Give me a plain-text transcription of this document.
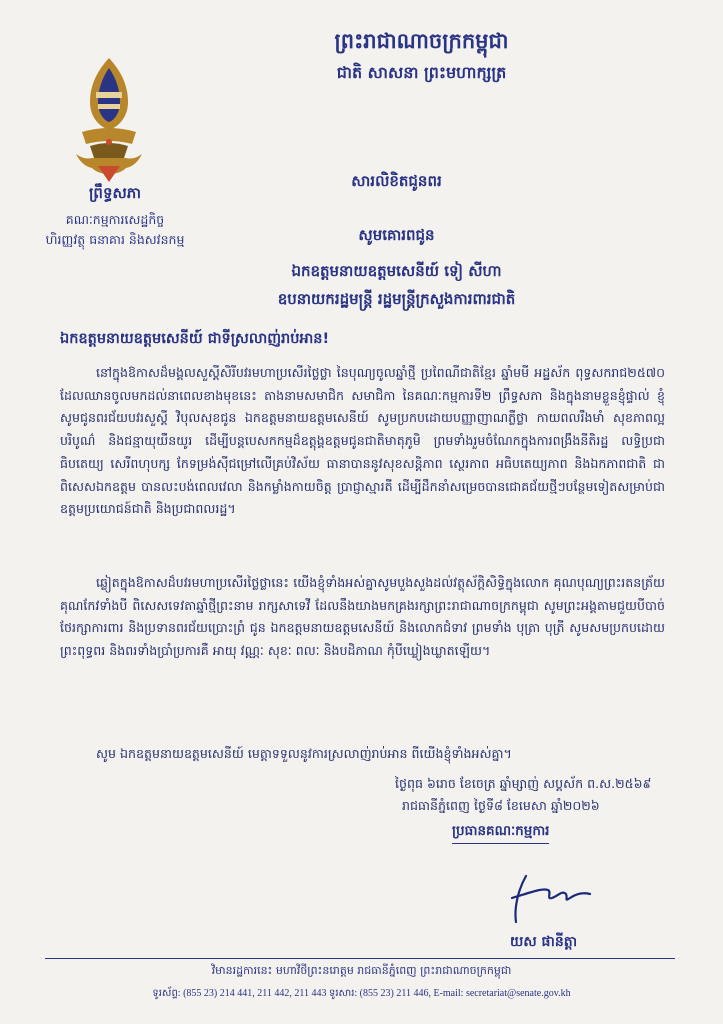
ព្រះរាជាណាចក្រកម្ពុជា
ជាតិ សាសនា ព្រះមហាក្សត្រ
ព្រឹទ្ធសភា
គណៈកម្មការសេដ្ឋកិច្ច
ហិរញ្ញវត្ថុ ធនាគារ និងសវនកម្ម
សារលិខិតជូនពរ
សូមគោរពជូន
ឯកឧត្តមនាយឧត្តមសេនីយ៍ ទៀ សីហា
ឧបនាយករដ្ឋមន្ត្រី រដ្ឋមន្ត្រីក្រសួងការពារជាតិ
ឯកឧត្តមនាយឧត្តមសេនីយ៍ ជាទីស្រលាញ់រាប់អាន!
នៅក្នុងឱកាសដ៏មង្គលសួស្តីសិរីបវរមហាប្រសើរថ្លៃថ្លា នៃបុណ្យចូលឆ្នាំថ្មី ប្រពៃណីជាតិខ្មែរ ឆ្នាំមមី អដ្ឋស័ក ពុទ្ធសករាជ២៥៧០ ដែលឈានចូលមកដល់នាពេលខាងមុខនេះ តាងនាមសមាជិក សមាជិកា នៃគណៈកម្មការទី២ ព្រឹទ្ធសភា និងក្នុងនាមខ្លួនខ្ញុំផ្ទាល់ ខ្ញុំសូមជូនពរជ័យបវរសួស្តី វិបុលសុខជូន ឯកឧត្តមនាយឧត្តមសេនីយ៍ សូមប្រកបដោយបញ្ញាញាណភ្លឺថ្លា កាយពលរឹងមាំ សុខភាពល្អបរិបូណ៌ និងជន្មាយុយឺនយូរ ដើម្បីបន្តបេសកកម្មដ៏ឧត្តុង្គឧត្តមជូនជាតិមាតុភូមិ ព្រមទាំងរួមចំណែកក្នុងការពង្រឹងនីតិរដ្ឋ លទ្ធិប្រជាធិបតេយ្យ សេរីពហុបក្ស កែទម្រង់ស៊ីជម្រៅលើគ្រប់វិស័យ ធានាបាននូវសុខសន្តិភាព ស្ថេរភាព អធិបតេយ្យភាព និងឯកភាពជាតិ ជាពិសេសឯកឧត្តម បានលះបង់ពេលវេលា និងកម្លាំងកាយចិត្ត ប្រាជ្ញាស្មារតី ដើម្បីដឹកនាំសម្រេចបានជោគជ័យថ្មីៗបន្ថែមទៀតសម្រាប់ជាឧត្តមប្រយោជន៍ជាតិ និងប្រជាពលរដ្ឋ។
ឆ្លៀតក្នុងឱកាសដ៏បវរមហាប្រសើរថ្លៃថ្លានេះ យើងខ្ញុំទាំងអស់គ្នាសូមបួងសួងដល់វត្ថុស័ក្តិសិទ្ធិក្នុងលោក គុណបុណ្យព្រះរតនត្រ័យ គុណកែវទាំងបី ពិសេសទេវតាឆ្នាំថ្មីព្រះនាម រាក្សសាទេវី ដែលនឹងយាងមកគ្រងរក្សាព្រះរាជាណាចក្រកម្ពុជា សូមព្រះអង្គតាមជួយបីបាច់ថែរក្សាការពារ និងប្រទានពរជ័យប្រោះព្រំ ជូន ឯកឧត្តមនាយឧត្តមសេនីយ៍ និងលោកជំទាវ ព្រមទាំង បុត្រា បុត្រី សូមសមប្រកបដោយព្រះពុទ្ធពរ និងពរទាំងប្រាំប្រការគឺ អាយុ វណ្ណៈ សុខៈ ពលៈ និងបដិភាណ កុំបីឃ្លៀងឃ្លាតឡើយ។
សូម ឯកឧត្តមនាយឧត្តមសេនីយ៍ មេត្តាទទួលនូវការស្រលាញ់រាប់អាន ពីយើងខ្ញុំទាំងអស់គ្នា។
ថ្ងៃពុធ ៦រោច ខែចេត្រ ឆ្នាំម្សាញ់ សប្តស័ក ព.ស.២៥៦៩
រាជធានីភ្នំពេញ ថ្ងៃទី៨ ខែមេសា ឆ្នាំ២០២៦
ប្រធានគណៈកម្មការ
យស ផានីត្តា
វិមានរដ្ឋការនេះ មហាវិថីព្រះនរោត្តម រាជធានីភ្នំពេញ ព្រះរាជាណាចក្រកម្ពុជា
ទូរស័ព្ទ: (855 23) 214 441, 211 442, 211 443 ទូរសារ: (855 23) 211 446, E-mail: secretariat@senate.gov.kh
